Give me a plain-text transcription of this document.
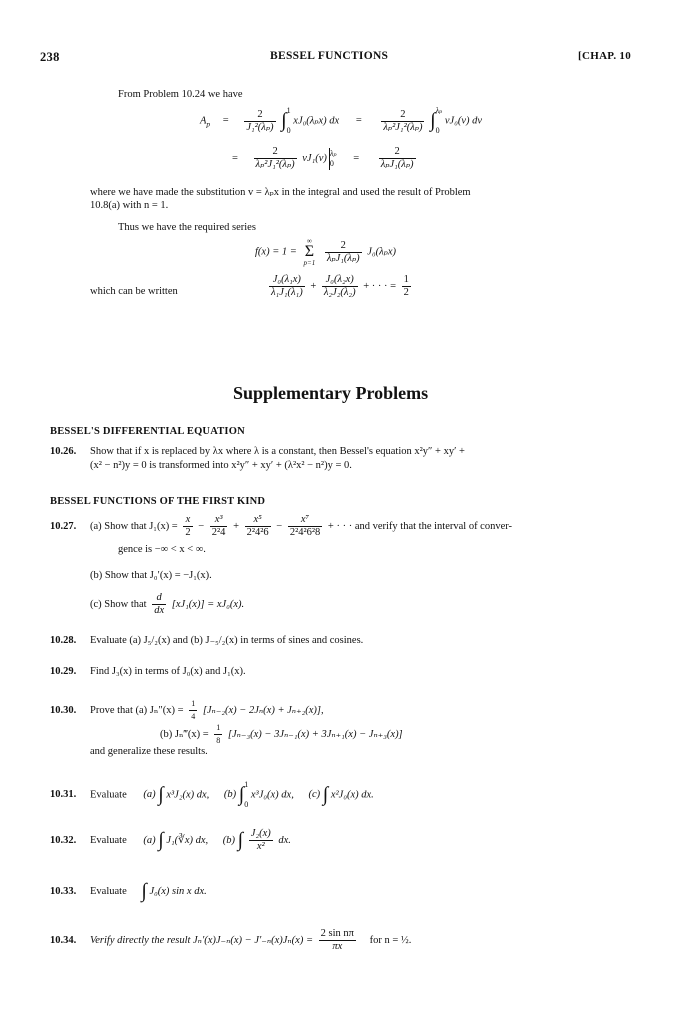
238	BESSEL FUNCTIONS	[CHAP. 10
From Problem 10.24 we have
$A_p = \frac{2}{\text{J₁²(λₚ)}} \int 1$

0 xJ₀(λₚx) dx = $\frac{2}{\text{λₚ²J₁²(λₚ)}} \int\lambda_p$

0 vJ₀(v) dv
= $\frac{2}{\text{λₚ²J₁²(λₚ)}} vJ_1(v)$ λₚ
$0 = \frac{2}{\text{λₚJ₁(λₚ)}}$
where we have made the substitution v = λₚx in the integral and used the result of Problem
10.8(a) with n = 1.
Thus we have the required series
f(x) = 1 =
∞
Σ
p=1
$\frac{2}{\text{λₚJ₁(λₚ)}} J_0(\lambda_px)$
which can be written	$\frac{\text{J₀(λ₁x)}}{\text{λ₁J₁(λ₁)}} + \frac{\text{J₀(λ₂x)}}{\text{λ₂J₂(λ₂)}}$ + · · · = $\frac{1}{2}$
Supplementary Problems
BESSEL'S DIFFERENTIAL EQUATION
10.26. Show that if x is replaced by λx where λ is a constant, then Bessel's equation x²y″ + xy′ +
(x² − n²)y = 0 is transformed into x²y″ + xy′ + (λ²x² − n²)y = 0.
BESSEL FUNCTIONS OF THE FIRST KIND
10.27. (a) Show that $J_1(x) = \frac{x}{2} - \frac{\text{x³}}{\text{2²4}} + \frac{\text{x⁵}}{\text{2²4²6}} - \frac{\text{x⁷}}{\text{2²4²6²8}}$ + · · · and verify that the interval of conver-
gence is −∞ < x < ∞.
(b) Show that J₀′(x) = −J₁(x).
(c) Show that $\frac{d}{dx} [xJ_1(x)] = xJ_0(x)$.
10.28. Evaluate (a) J₅/₂(x) and (b) J₋₅/₂(x) in terms of sines and cosines.
10.29. Find J₃(x) in terms of J₀(x) and J₁(x).
10.30. Prove that (a) $J_n''(x) = \frac{1}{4} [J_{n-2}(x) - 2J_n(x) + J_{n+2}(x)]$,
(b) Jₙ‴(x) = $\frac{1}{8} [J_{n-3}(x) - 3J_{n-1}(x) + 3J_{n+1}(x) - J_{n+3}(x)]$
and generalize these results.
10.31. Evaluate (a) ∫ x³J₂(x) dx, (b) ∫1

0 x³J₀(x) dx, (c) ∫ x²J₀(x) dx.
10.32. Evaluate (a) ∫ J₁(∛x) dx, (b) ∫ $\frac{\text{J₂(x)}}{\text{x²}}$ dx.
10.33. Evaluate ∫ J₀(x) sin x dx.
10.34. Verify directly the result $J_n'(x)J_{-n}(x) - J'_{-n}(x)J_n(x) = \frac{\text{2 sin nπ}}{\pi x}$ for n = ½.
